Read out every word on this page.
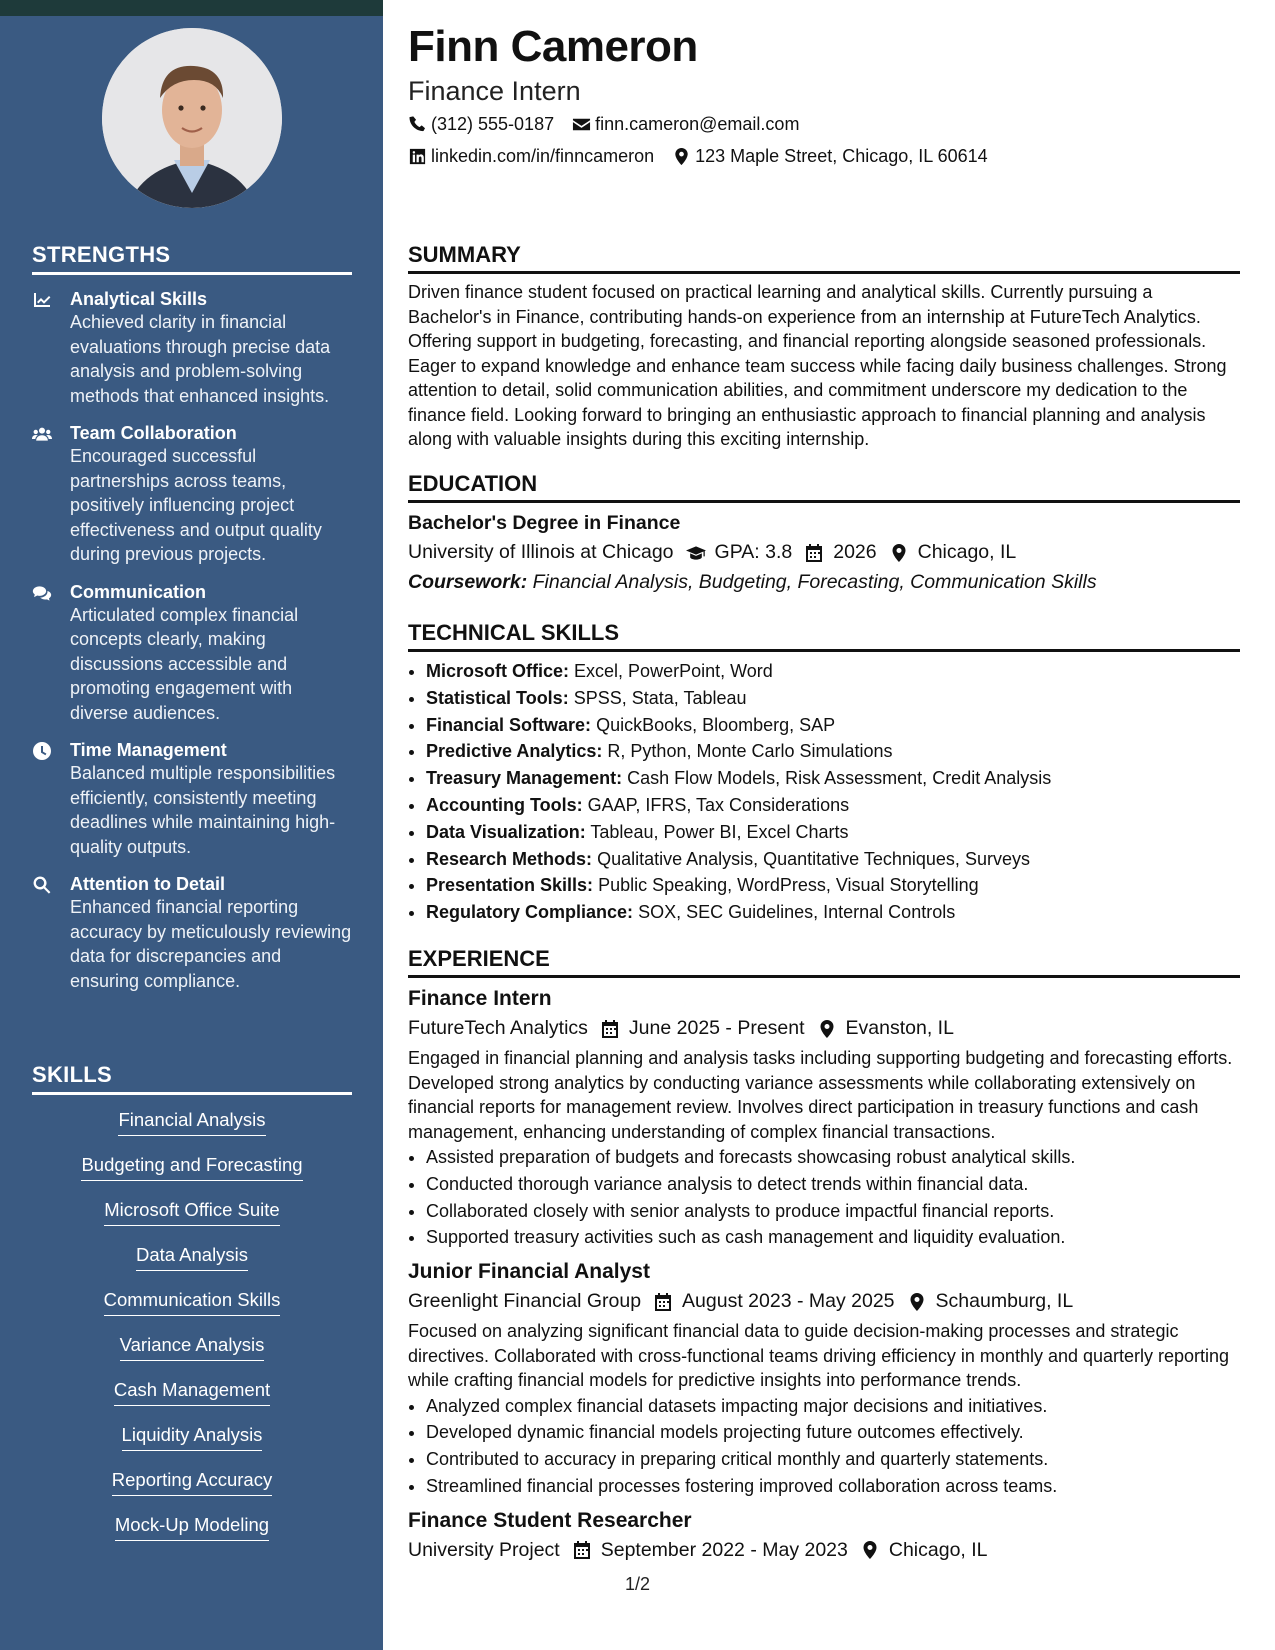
STRENGTHS
Analytical Skills
Achieved clarity in financial evaluations through precise data analysis and problem-solving methods that enhanced insights.
Team Collaboration
Encouraged successful partnerships across teams, positively influencing project effectiveness and output quality during previous projects.
Communication
Articulated complex financial concepts clearly, making discussions accessible and promoting engagement with diverse audiences.
Time Management
Balanced multiple responsibilities efficiently, consistently meeting deadlines while maintaining high-quality outputs.
Attention to Detail
Enhanced financial reporting accuracy by meticulously reviewing data for discrepancies and ensuring compliance.
SKILLS
Financial Analysis
Budgeting and Forecasting
Microsoft Office Suite
Data Analysis
Communication Skills
Variance Analysis
Cash Management
Liquidity Analysis
Reporting Accuracy
Mock-Up Modeling
Finn Cameron
Finance Intern
(312) 555-0187 finn.cameron@email.com
linkedin.com/in/finncameron 123 Maple Street, Chicago, IL 60614
SUMMARY
Driven finance student focused on practical learning and analytical skills. Currently pursuing a Bachelor's in Finance, contributing hands-on experience from an internship at FutureTech Analytics. Offering support in budgeting, forecasting, and financial reporting alongside seasoned professionals. Eager to expand knowledge and enhance team success while facing daily business challenges. Strong attention to detail, solid communication abilities, and commitment underscore my dedication to the finance field. Looking forward to bringing an enthusiastic approach to financial planning and analysis along with valuable insights during this exciting internship.
EDUCATION
Bachelor's Degree in Finance
University of Illinois at Chicago GPA: 3.8 2026 Chicago, IL
Coursework: Financial Analysis, Budgeting, Forecasting, Communication Skills
TECHNICAL SKILLS
• Microsoft Office: Excel, PowerPoint, Word
• Statistical Tools: SPSS, Stata, Tableau
• Financial Software: QuickBooks, Bloomberg, SAP
• Predictive Analytics: R, Python, Monte Carlo Simulations
• Treasury Management: Cash Flow Models, Risk Assessment, Credit Analysis
• Accounting Tools: GAAP, IFRS, Tax Considerations
• Data Visualization: Tableau, Power BI, Excel Charts
• Research Methods: Qualitative Analysis, Quantitative Techniques, Surveys
• Presentation Skills: Public Speaking, WordPress, Visual Storytelling
• Regulatory Compliance: SOX, SEC Guidelines, Internal Controls
EXPERIENCE
Finance Intern
FutureTech Analytics June 2025 - Present Evanston, IL
Engaged in financial planning and analysis tasks including supporting budgeting and forecasting efforts. Developed strong analytics by conducting variance assessments while collaborating extensively on financial reports for management review. Involves direct participation in treasury functions and cash management, enhancing understanding of complex financial transactions.
• Assisted preparation of budgets and forecasts showcasing robust analytical skills.
• Conducted thorough variance analysis to detect trends within financial data.
• Collaborated closely with senior analysts to produce impactful financial reports.
• Supported treasury activities such as cash management and liquidity evaluation.
Junior Financial Analyst
Greenlight Financial Group August 2023 - May 2025 Schaumburg, IL
Focused on analyzing significant financial data to guide decision-making processes and strategic directives. Collaborated with cross-functional teams driving efficiency in monthly and quarterly reporting while crafting financial models for predictive insights into performance trends.
• Analyzed complex financial datasets impacting major decisions and initiatives.
• Developed dynamic financial models projecting future outcomes effectively.
• Contributed to accuracy in preparing critical monthly and quarterly statements.
• Streamlined financial processes fostering improved collaboration across teams.
Finance Student Researcher
University Project September 2022 - May 2023 Chicago, IL
1/2
